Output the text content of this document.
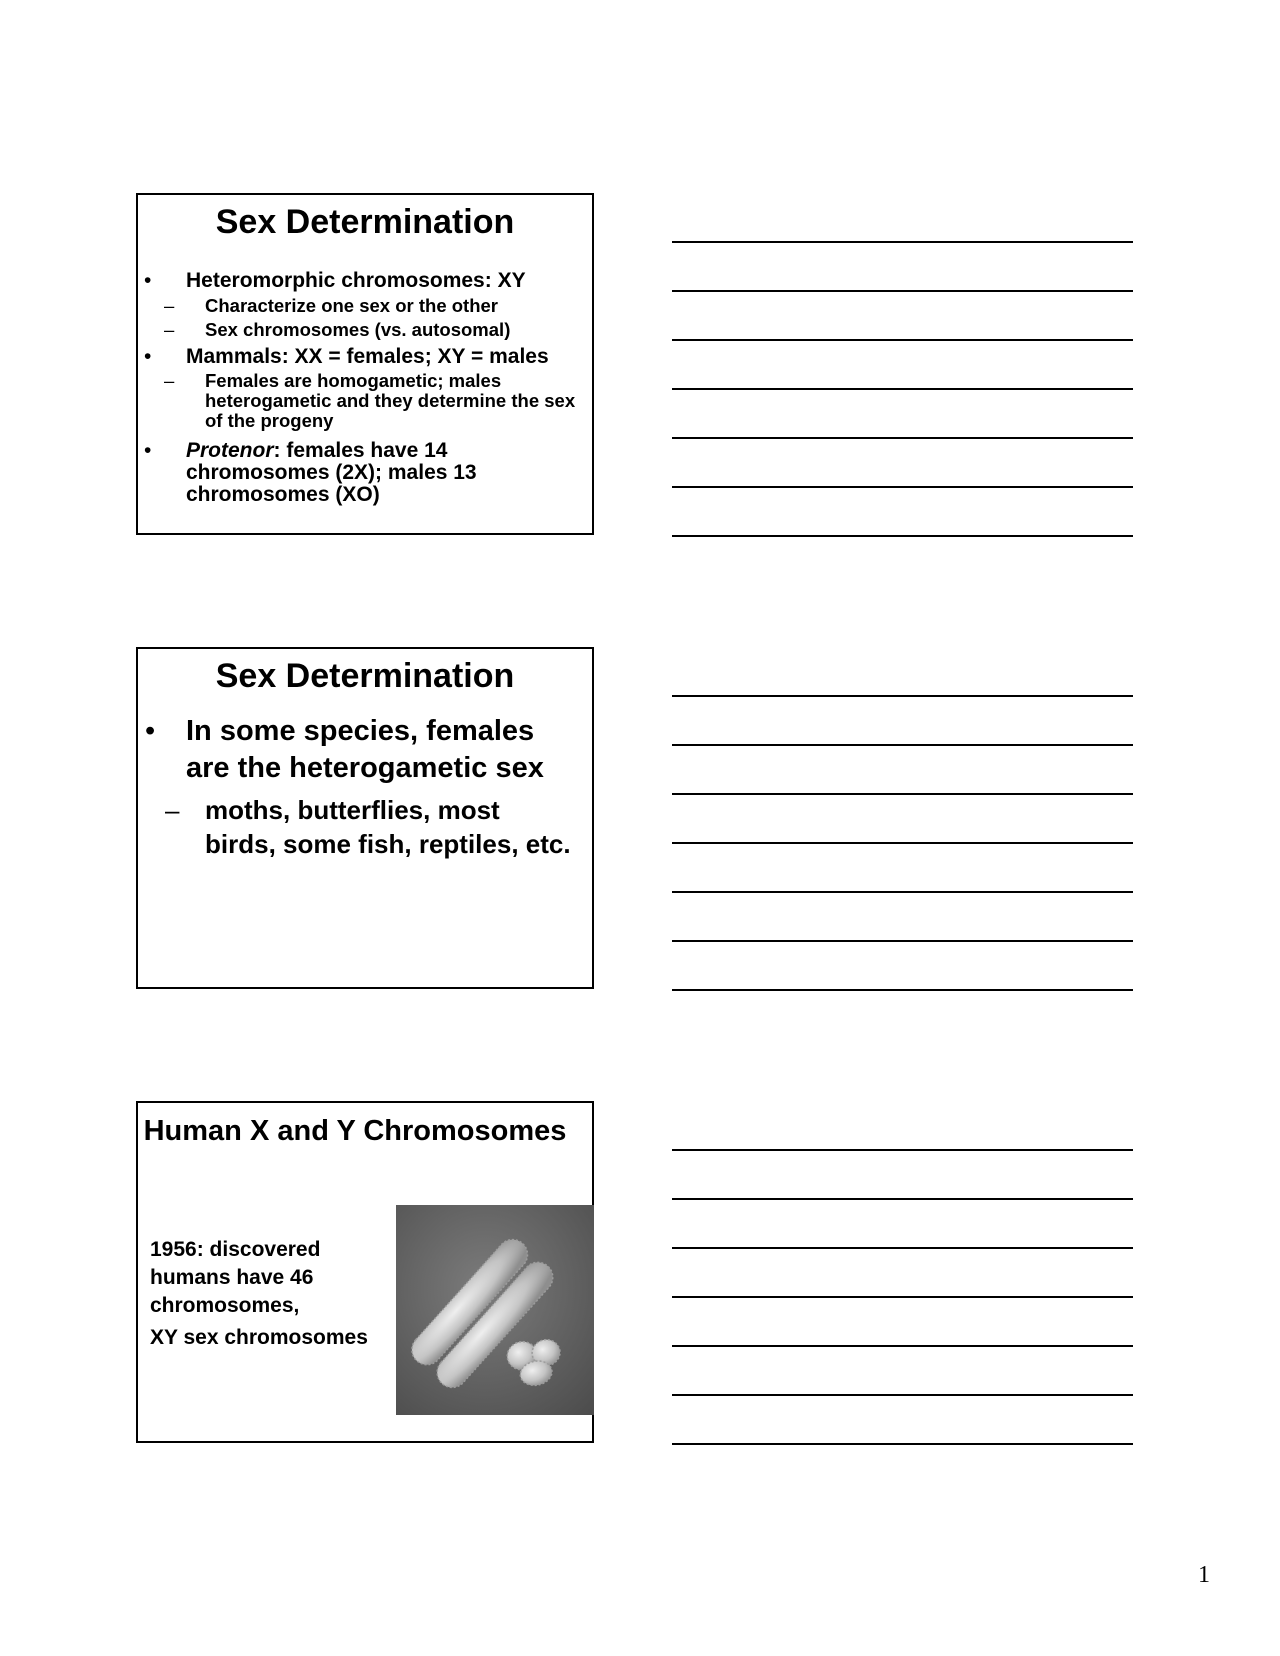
Sex Determination
• Heteromorphic chromosomes: XY
– Characterize one sex or the other
– Sex chromosomes (vs. autosomal)
• Mammals: XX = females; XY = males
– Females are homogametic; males heterogametic and they determine the sex of the progeny
• Protenor: females have 14 chromosomes (2X); males 13 chromosomes (XO)
Sex Determination
• In some species, females are the heterogametic sex
– moths, butterflies, most birds, some fish, reptiles, etc.
Human X and Y Chromosomes
1956: discovered humans have 46 chromosomes,
XY sex chromosomes
1
